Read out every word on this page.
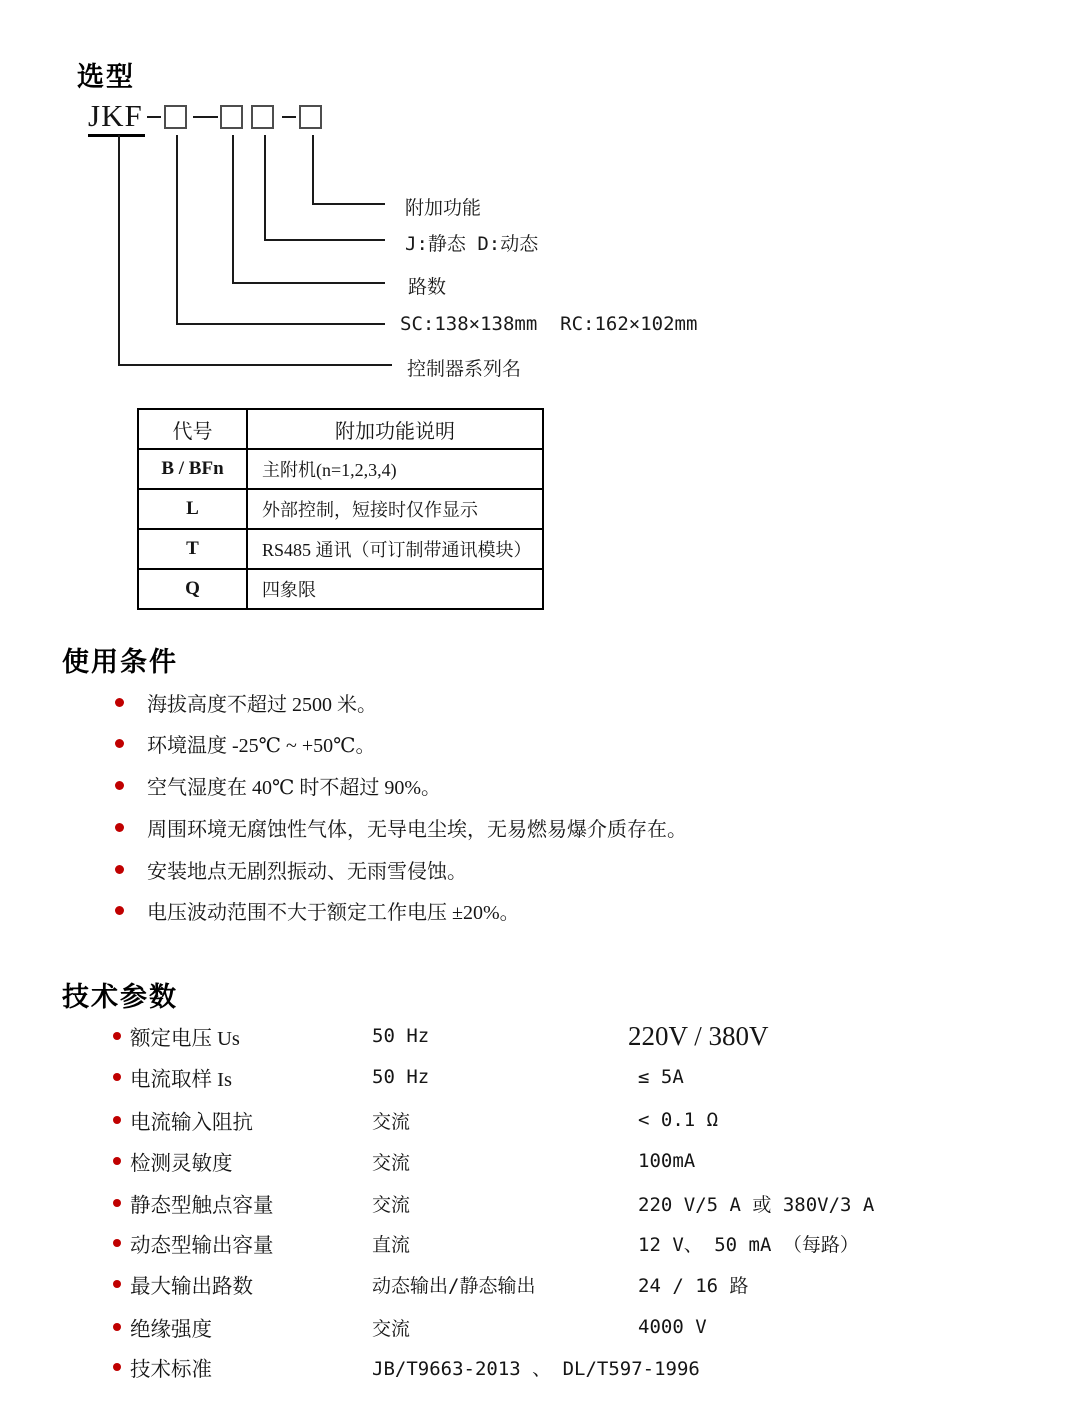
选型
JKF
附加功能
J:静态 D:动态
路数
SC:138×138mm  RC:162×102mm
控制器系列名
代号	附加功能说明
B / BFn	主附机(n=1,2,3,4)
L	外部控制，短接时仅作显示
T	RS485 通讯（可订制带通讯模块）
Q	四象限
使用条件
海拔高度不超过 2500 米。
环境温度 -25℃ ~ +50℃。
空气湿度在 40℃ 时不超过 90%。
周围环境无腐蚀性气体，无导电尘埃，无易燃易爆介质存在。
安装地点无剧烈振动、无雨雪侵蚀。
电压波动范围不大于额定工作电压 ±20%。
技术参数
额定电压 Us	50 Hz	220V / 380V
电流取样 Is	50 Hz	≤ 5A
电流输入阻抗	交流	< 0.1 Ω
检测灵敏度	交流	100mA
静态型触点容量	交流	220 V/5 A 或 380V/3 A
动态型输出容量	直流	12 V、 50 mA （每路）
最大输出路数	动态输出/静态输出	24 / 16 路
绝缘强度	交流	4000 V
技术标准	JB/T9663-2013 、 DL/T597-1996
